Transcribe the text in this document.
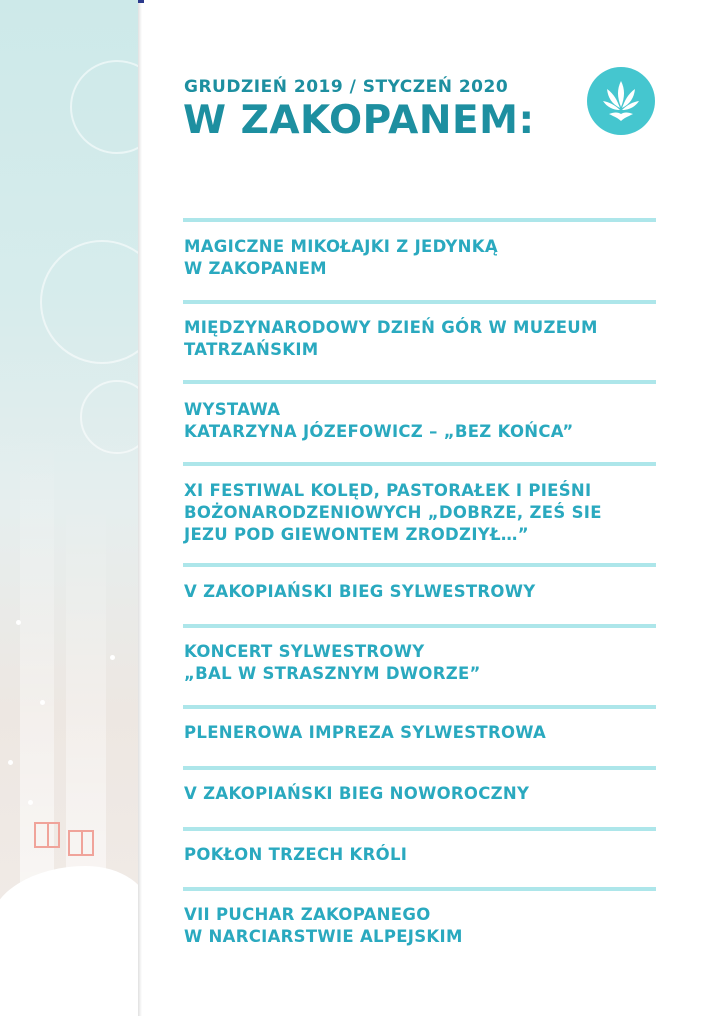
GRUDZIEŃ 2019 / STYCZEŃ 2020
W ZAKOPANEM:
MAGICZNE MIKOŁAJKI Z JEDYNKĄ
W ZAKOPANEM
MIĘDZYNARODOWY DZIEŃ GÓR W MUZEUM
TATRZAŃSKIM
WYSTAWA
KATARZYNA JÓZEFOWICZ – „BEZ KOŃCA”
XI FESTIWAL KOLĘD, PASTORAŁEK I PIEŚNI
BOŻONARODZENIOWYCH „DOBRZE, ZEŚ SIE
JEZU POD GIEWONTEM ZRODZIYŁ…”
V ZAKOPIAŃSKI BIEG SYLWESTROWY
KONCERT SYLWESTROWY
„BAL W STRASZNYM DWORZE”
PLENEROWA IMPREZA SYLWESTROWA
V ZAKOPIAŃSKI BIEG NOWOROCZNY
POKŁON TRZECH KRÓLI
VII PUCHAR ZAKOPANEGO
W NARCIARSTWIE ALPEJSKIM
